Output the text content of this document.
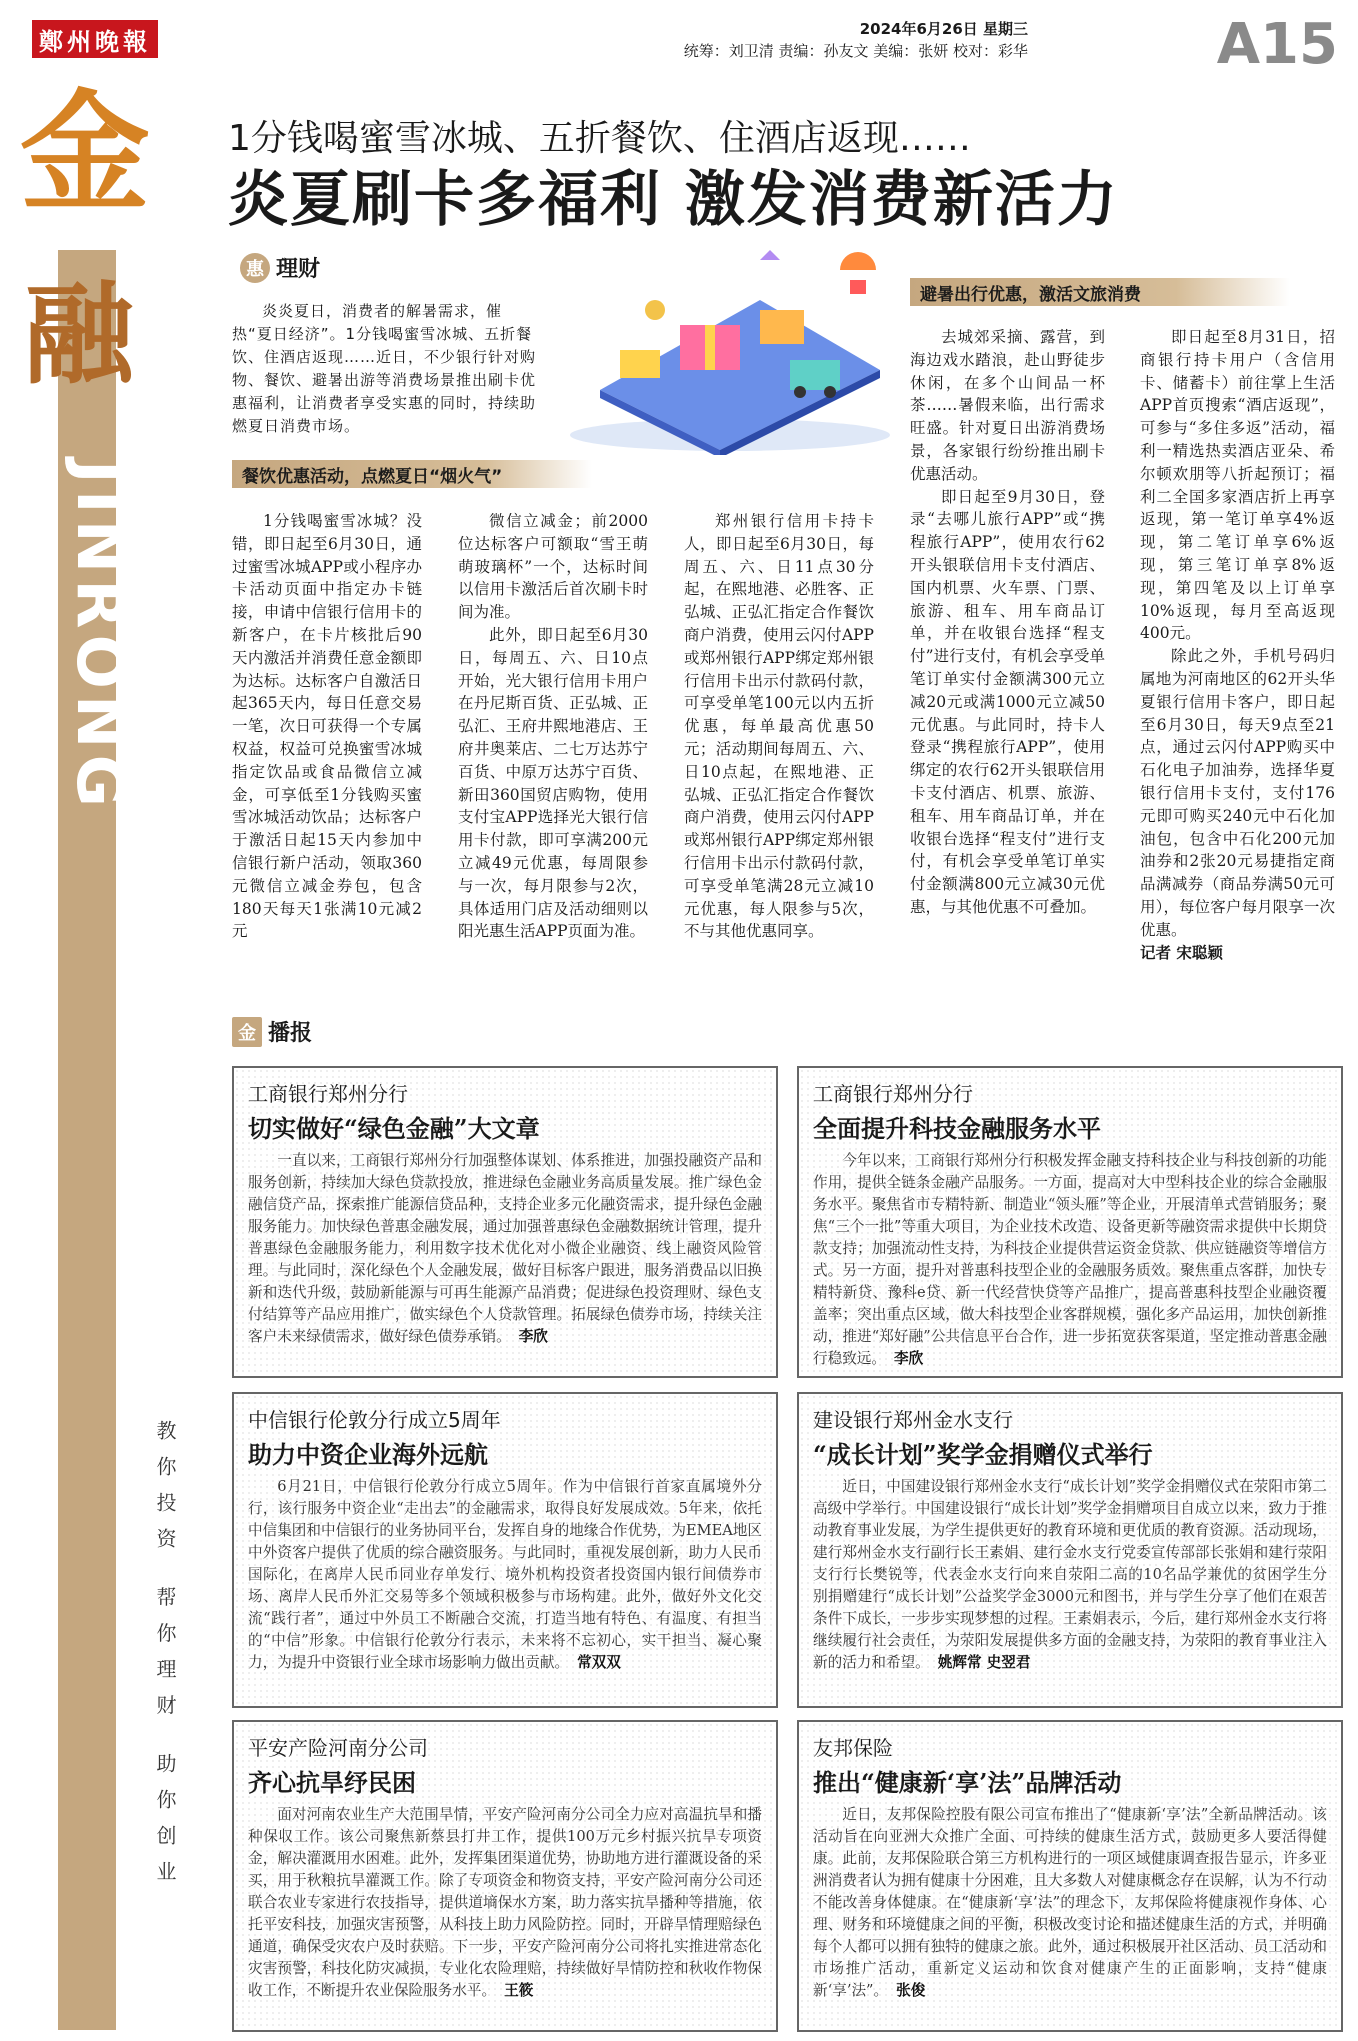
鄭州晚報	2024年6月26日 星期三
统筹：刘卫清 责编：孙友文 美编：张妍 校对：彩华	A15
金
融
JINRONG
教你投资 帮你理财 助你创业
1分钱喝蜜雪冰城、五折餐饮、住酒店返现……
炎夏刷卡多福利 激发消费新活力
惠 理财
炎炎夏日，消费者的解暑需求，催热“夏日经济”。1分钱喝蜜雪冰城、五折餐饮、住酒店返现……近日，不少银行针对购物、餐饮、避暑出游等消费场景推出刷卡优惠福利，让消费者享受实惠的同时，持续助燃夏日消费市场。
餐饮优惠活动，点燃夏日“烟火气”

1分钱喝蜜雪冰城？没错，即日起至6月30日，通过蜜雪冰城APP或小程序办卡活动页面中指定办卡链接，申请中信银行信用卡的新客户，在卡片核批后90天内激活并消费任意金额即为达标。达标客户自激活日起365天内，每日任意交易一笔，次日可获得一个专属权益，权益可兑换蜜雪冰城指定饮品或食品微信立减金，可享低至1分钱购买蜜雪冰城活动饮品；达标客户于激活日起15天内参加中信银行新户活动，领取360元微信立减金券包，包含180天每天1张满10元减2元

微信立减金；前2000位达标客户可额取“雪王萌萌玻璃杯”一个，达标时间以信用卡激活后首次刷卡时间为准。

此外，即日起至6月30日，每周五、六、日10点开始，光大银行信用卡用户在丹尼斯百货、正弘城、正弘汇、王府井熙地港店、王府井奥莱店、二七万达苏宁百货、中原万达苏宁百货、新田360国贸店购物，使用支付宝APP选择光大银行信用卡付款，即可享满200元立减49元优惠，每周限参与一次，每月限参与2次，具体适用门店及活动细则以阳光惠生活APP页面为准。

郑州银行信用卡持卡人，即日起至6月30日，每周五、六、日11点30分起，在熙地港、必胜客、正弘城、正弘汇指定合作餐饮商户消费，使用云闪付APP或郑州银行APP绑定郑州银行信用卡出示付款码付款，可享受单笔100元以内五折优惠，每单最高优惠50元；活动期间每周五、六、日10点起，在熙地港、正弘城、正弘汇指定合作餐饮商户消费，使用云闪付APP或郑州银行APP绑定郑州银行信用卡出示付款码付款，可享受单笔满28元立减10元优惠，每人限参与5次，不与其他优惠同享。

避暑出行优惠，激活文旅消费

去城郊采摘、露营，到海边戏水踏浪，赴山野徒步休闲，在多个山间品一杯茶……暑假来临，出行需求旺盛。针对夏日出游消费场景，各家银行纷纷推出刷卡优惠活动。

即日起至9月30日，登录“去哪儿旅行APP”或“携程旅行APP”，使用农行62开头银联信用卡支付酒店、国内机票、火车票、门票、旅游、租车、用车商品订单，并在收银台选择“程支付”进行支付，有机会享受单笔订单实付金额满300元立减20元或满1000元立减50元优惠。与此同时，持卡人登录“携程旅行APP”，使用绑定的农行62开头银联信用卡支付酒店、机票、旅游、租车、用车商品订单，并在收银台选择“程支付”进行支付，有机会享受单笔订单实付金额满800元立减30元优惠，与其他优惠不可叠加。

即日起至8月31日，招商银行持卡用户（含信用卡、储蓄卡）前往掌上生活APP首页搜索“酒店返现”，可参与“多住多返”活动，福利一精选热卖酒店亚朵、希尔顿欢朋等八折起预订；福利二全国多家酒店折上再享返现，第一笔订单享4%返现，第二笔订单享6%返现，第三笔订单享8%返现，第四笔及以上订单享10%返现，每月至高返现400元。

除此之外，手机号码归属地为河南地区的62开头华夏银行信用卡客户，即日起至6月30日，每天9点至21点，通过云闪付APP购买中石化电子加油券，选择华夏银行信用卡支付，支付176元即可购买240元中石化加油包，包含中石化200元加油券和2张20元易捷指定商品满减券（商品券满50元可用），每位客户每月限享一次优惠。

记者 宋聪颖

金 播报
工商银行郑州分行
切实做好“绿色金融”大文章
一直以来，工商银行郑州分行加强整体谋划、体系推进，加强投融资产品和服务创新，持续加大绿色贷款投放，推进绿色金融业务高质量发展。推广绿色金融信贷产品，探索推广能源信贷品种，支持企业多元化融资需求，提升绿色金融服务能力。加快绿色普惠金融发展，通过加强普惠绿色金融数据统计管理，提升普惠绿色金融服务能力，利用数字技术优化对小微企业融资、线上融资风险管理。与此同时，深化绿色个人金融发展，做好目标客户跟进，服务消费品以旧换新和迭代升级，鼓励新能源与可再生能源产品消费；促进绿色投资理财、绿色支付结算等产品应用推广，做实绿色个人贷款管理。拓展绿色债券市场，持续关注客户未来绿债需求，做好绿色债券承销。 李欣
工商银行郑州分行
全面提升科技金融服务水平
今年以来，工商银行郑州分行积极发挥金融支持科技企业与科技创新的功能作用，提供全链条金融产品服务。一方面，提高对大中型科技企业的综合金融服务水平。聚焦省市专精特新、制造业“领头雁”等企业，开展清单式营销服务；聚焦“三个一批”等重大项目，为企业技术改造、设备更新等融资需求提供中长期贷款支持；加强流动性支持，为科技企业提供营运资金贷款、供应链融资等增信方式。另一方面，提升对普惠科技型企业的金融服务质效。聚焦重点客群，加快专精特新贷、豫科e贷、新一代经营快贷等产品推广，提高普惠科技型企业融资覆盖率；突出重点区域，做大科技型企业客群规模，强化多产品运用，加快创新推动，推进“郑好融”公共信息平台合作，进一步拓宽获客渠道，坚定推动普惠金融行稳致远。 李欣
中信银行伦敦分行成立5周年
助力中资企业海外远航
6月21日，中信银行伦敦分行成立5周年。作为中信银行首家直属境外分行，该行服务中资企业“走出去”的金融需求，取得良好发展成效。5年来，依托中信集团和中信银行的业务协同平台，发挥自身的地缘合作优势，为EMEA地区中外资客户提供了优质的综合融资服务。与此同时，重视发展创新，助力人民币国际化，在离岸人民币同业存单发行、境外机构投资者投资国内银行间债券市场、离岸人民币外汇交易等多个领域积极参与市场构建。此外，做好外文化交流“践行者”，通过中外员工不断融合交流，打造当地有特色、有温度、有担当的“中信”形象。中信银行伦敦分行表示，未来将不忘初心，实干担当、凝心聚力，为提升中资银行业全球市场影响力做出贡献。 常双双
建设银行郑州金水支行
“成长计划”奖学金捐赠仪式举行
近日，中国建设银行郑州金水支行“成长计划”奖学金捐赠仪式在荥阳市第二高级中学举行。中国建设银行“成长计划”奖学金捐赠项目自成立以来，致力于推动教育事业发展，为学生提供更好的教育环境和更优质的教育资源。活动现场，建行郑州金水支行副行长王素娟、建行金水支行党委宣传部部长张娟和建行荥阳支行行长樊锐等，代表金水支行向来自荥阳二高的10名品学兼优的贫困学生分别捐赠建行“成长计划”公益奖学金3000元和图书，并与学生分享了他们在艰苦条件下成长，一步步实现梦想的过程。王素娟表示，今后，建行郑州金水支行将继续履行社会责任，为荥阳发展提供多方面的金融支持，为荥阳的教育事业注入新的活力和希望。 姚辉常 史翌君
平安产险河南分公司
齐心抗旱纾民困
面对河南农业生产大范围旱情，平安产险河南分公司全力应对高温抗旱和播种保収工作。该公司聚焦新蔡县打井工作，提供100万元乡村振兴抗旱专项资金，解决灌溉用水困难。此外，发挥集团渠道优势，协助地方进行灌溉设备的采买，用于秋粮抗旱灌溉工作。除了专项资金和物资支持，平安产险河南分公司还联合农业专家进行农技指导，提供道墒保水方案，助力落实抗旱播种等措施，依托平安科技，加强灾害预警，从科技上助力风险防控。同时，开辟旱情理赔绿色通道，确保受灾农户及时获赔。下一步，平安产险河南分公司将扎实推进常态化灾害预警，科技化防灾减损，专业化农险理赔，持续做好旱情防控和秋收作物保收工作，不断提升农业保险服务水平。 王筱
友邦保险
推出“健康新‘享’法”品牌活动
近日，友邦保险控股有限公司宣布推出了“健康新‘享’法”全新品牌活动。该活动旨在向亚洲大众推广全面、可持续的健康生活方式，鼓励更多人要活得健康。此前，友邦保险联合第三方机构进行的一项区域健康调查报告显示，许多亚洲消费者认为拥有健康十分困难，且大多数人对健康概念存在误解，认为不行动不能改善身体健康。在“健康新‘享’法”的理念下，友邦保险将健康视作身体、心理、财务和环境健康之间的平衡，积极改变讨论和描述健康生活的方式，并明确每个人都可以拥有独特的健康之旅。此外，通过积极展开社区活动、员工活动和市场推广活动，重新定义运动和饮食对健康产生的正面影响，支持“健康新‘享’法”。 张俊
